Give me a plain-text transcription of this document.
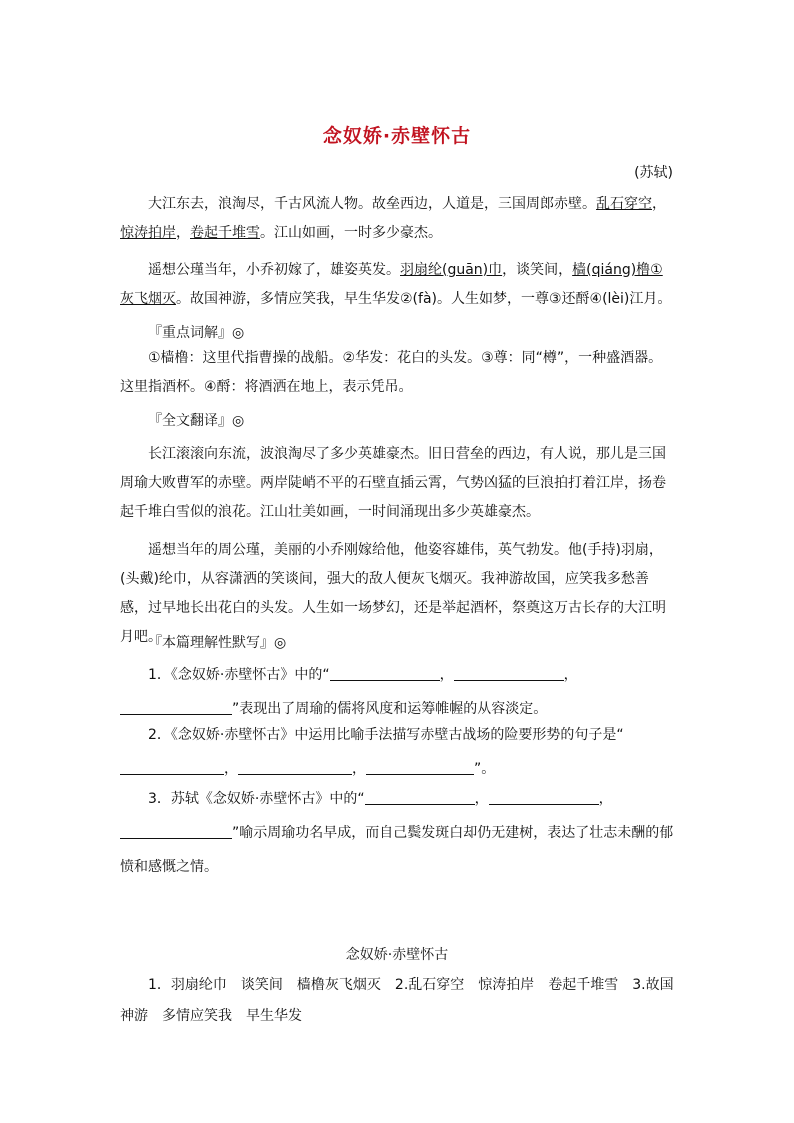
念奴娇·赤壁怀古
(苏轼)
大江东去，浪淘尽，千古风流人物。故垒西边，人道是，三国周郎赤壁。乱石穿空，惊涛拍岸，卷起千堆雪。江山如画，一时多少豪杰。
遥想公瑾当年，小乔初嫁了，雄姿英发。羽扇纶(guān)巾，谈笑间，樯(qiáng)橹①灰飞烟灭。故国神游，多情应笑我，早生华发②(fà)。人生如梦，一尊③还酹④(lèi)江月。
『重点词解』◎
①樯橹：这里代指曹操的战船。②华发：花白的头发。③尊：同“樽”，一种盛酒器。这里指酒杯。④酹：将酒洒在地上，表示凭吊。
『全文翻译』◎
长江滚滚向东流，波浪淘尽了多少英雄豪杰。旧日营垒的西边，有人说，那儿是三国周瑜大败曹军的赤壁。两岸陡峭不平的石壁直插云霄，气势凶猛的巨浪拍打着江岸，扬卷起千堆白雪似的浪花。江山壮美如画，一时间涌现出多少英雄豪杰。
遥想当年的周公瑾，美丽的小乔刚嫁给他，他姿容雄伟，英气勃发。他(手持)羽扇，(头戴)纶巾，从容潇洒的笑谈间，强大的敌人便灰飞烟灭。我神游故国，应笑我多愁善感，过早地长出花白的头发。人生如一场梦幻，还是举起酒杯，祭奠这万古长存的大江明月吧。
『本篇理解性默写』◎
1．《念奴娇·赤壁怀古》中的“	，	，”表现出了周瑜的儒将风度和运筹帷幄的从容淡定。
2．《念奴娇·赤壁怀古》中运用比喻手法描写赤壁古战场的险要形势的句子是“，	，	”。
3．苏轼《念奴娇·赤壁怀古》中的“	，	，”喻示周瑜功名早成，而自己鬓发斑白却仍无建树，表达了壮志未酬的郁愤和感慨之情。
念奴娇·赤壁怀古
1．羽扇纶巾　谈笑间　樯橹灰飞烟灭　2.乱石穿空　惊涛拍岸　卷起千堆雪　3.故国神游　多情应笑我　早生华发
